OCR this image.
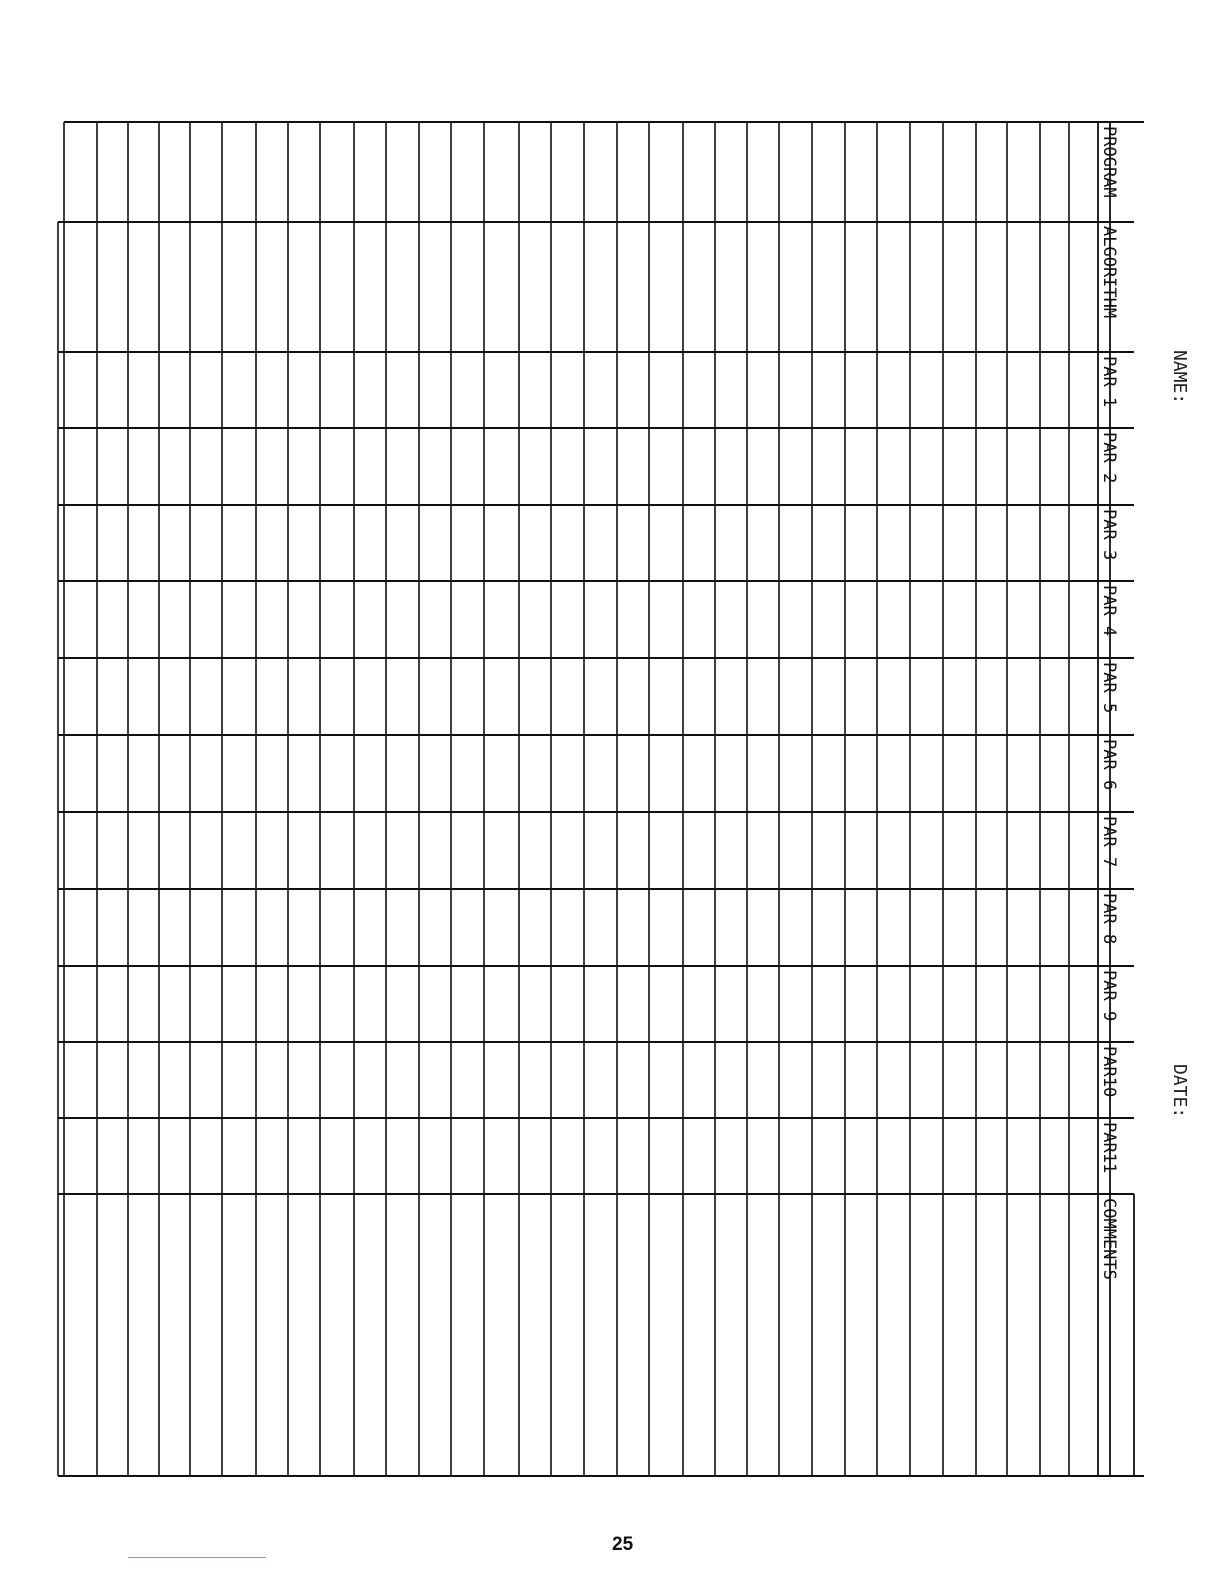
PROGRAM
ALGORITHM
PAR 1
PAR 2
PAR 3
PAR 4
PAR 5
PAR 6
PAR 7
PAR 8
PAR 9
PAR10
PAR11
COMMENTS
NAME:
DATE:
25
